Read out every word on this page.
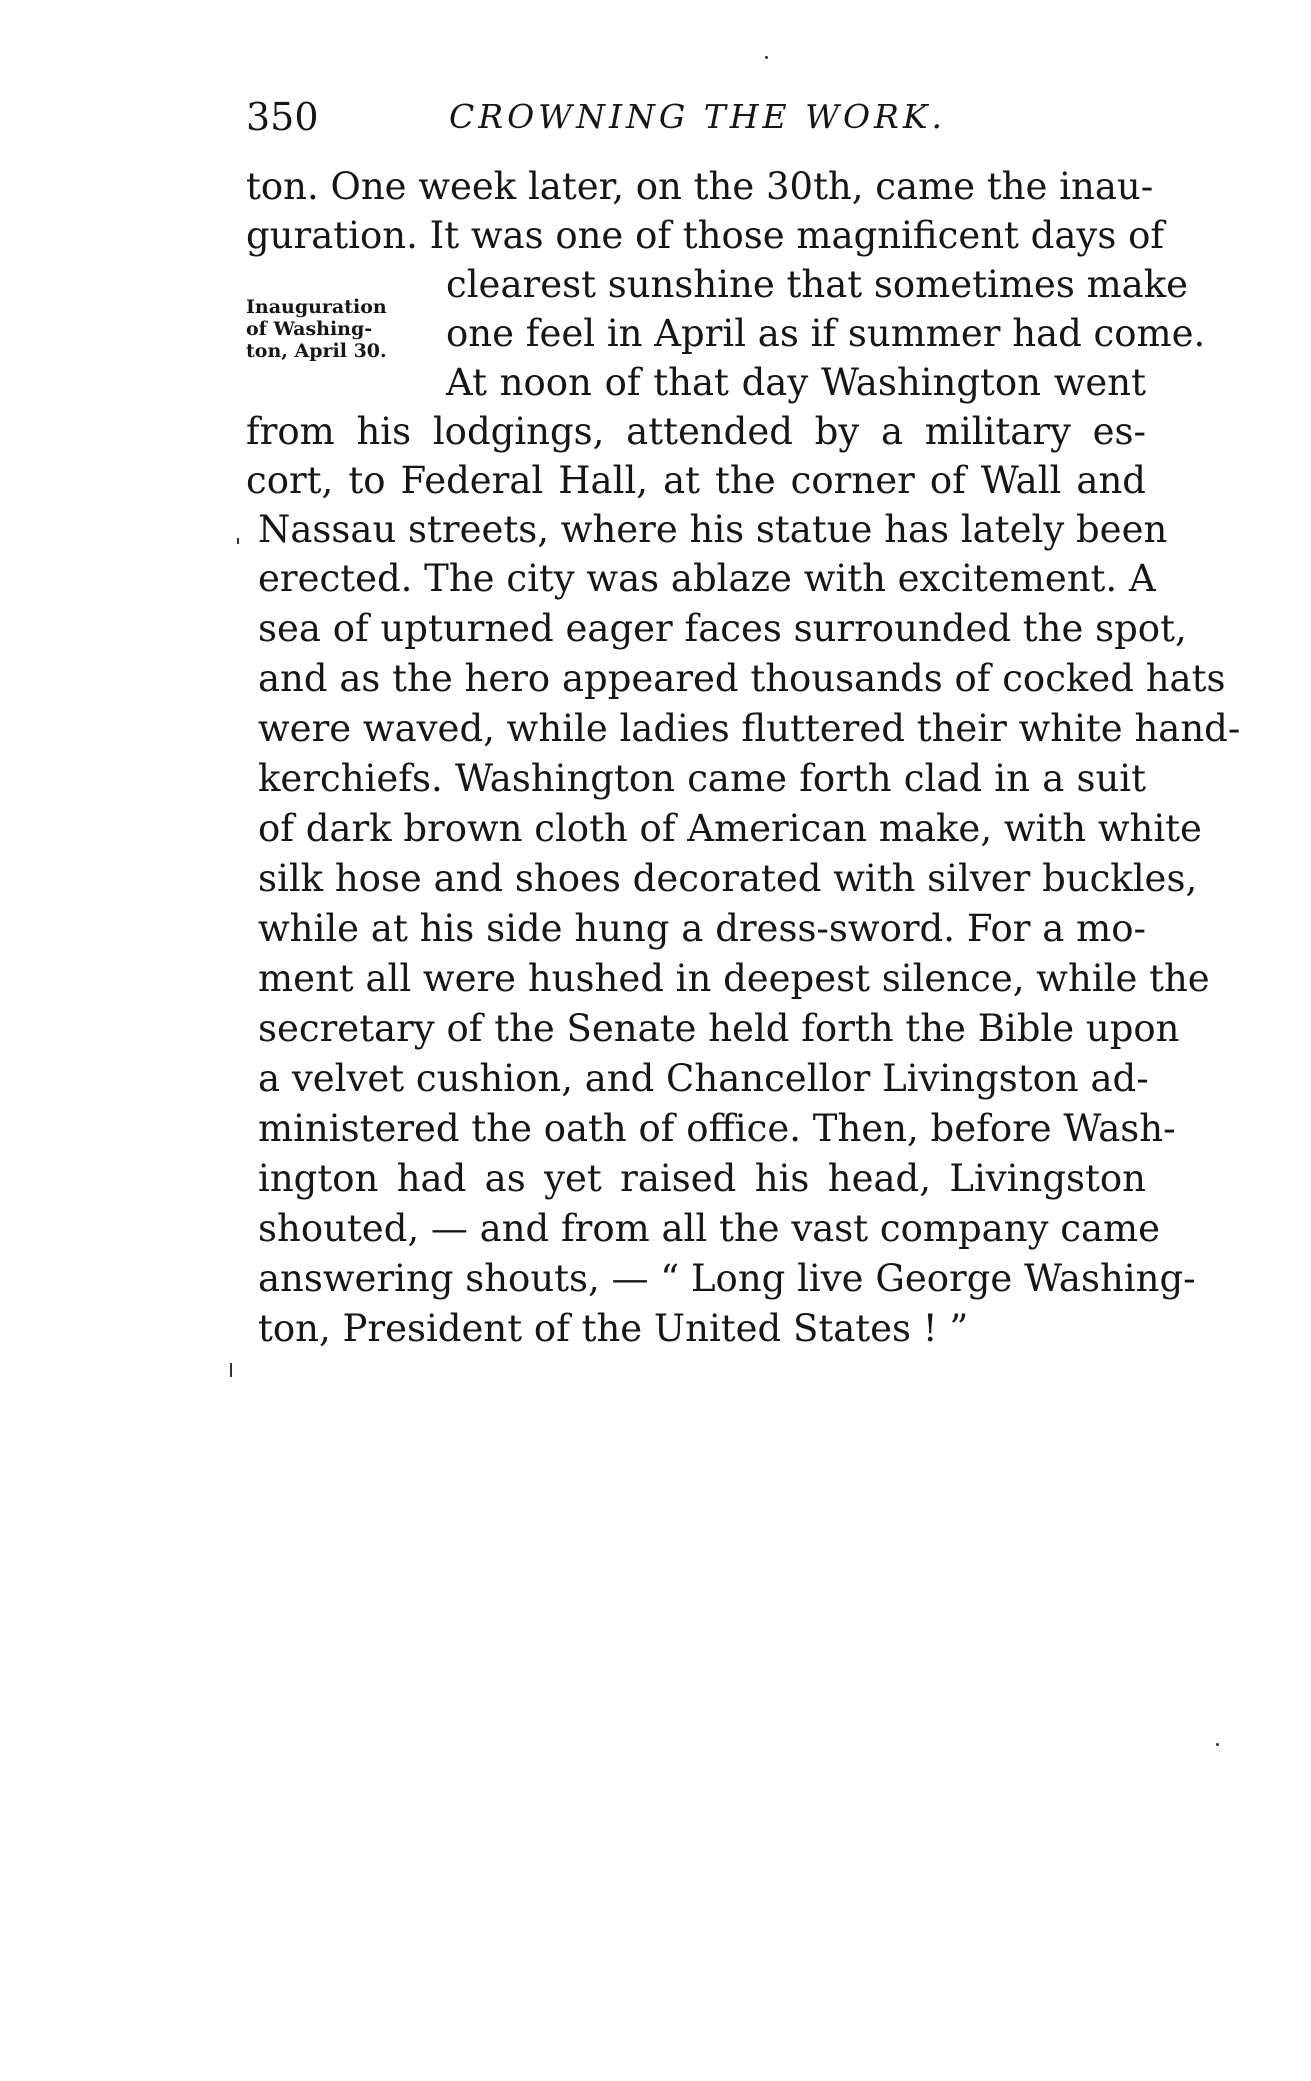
350	CROWNING THE WORK.
Inauguration
of Washing-
ton, April 30.
ton. One week later, on the 30th, came the inau-
guration. It was one of those magnificent days of
clearest sunshine that sometimes make
one feel in April as if summer had come.
At noon of that day Washington went
from his lodgings, attended by a military es-
cort, to Federal Hall, at the corner of Wall and
Nassau streets, where his statue has lately been
erected. The city was ablaze with excitement. A
sea of upturned eager faces surrounded the spot,
and as the hero appeared thousands of cocked hats
were waved, while ladies fluttered their white hand-
kerchiefs. Washington came forth clad in a suit
of dark brown cloth of American make, with white
silk hose and shoes decorated with silver buckles,
while at his side hung a dress-sword. For a mo-
ment all were hushed in deepest silence, while the
secretary of the Senate held forth the Bible upon
a velvet cushion, and Chancellor Livingston ad-
ministered the oath of office. Then, before Wash-
ington had as yet raised his head, Livingston
shouted, — and from all the vast company came
answering shouts, — “ Long live George Washing-
ton, President of the United States ! ”
